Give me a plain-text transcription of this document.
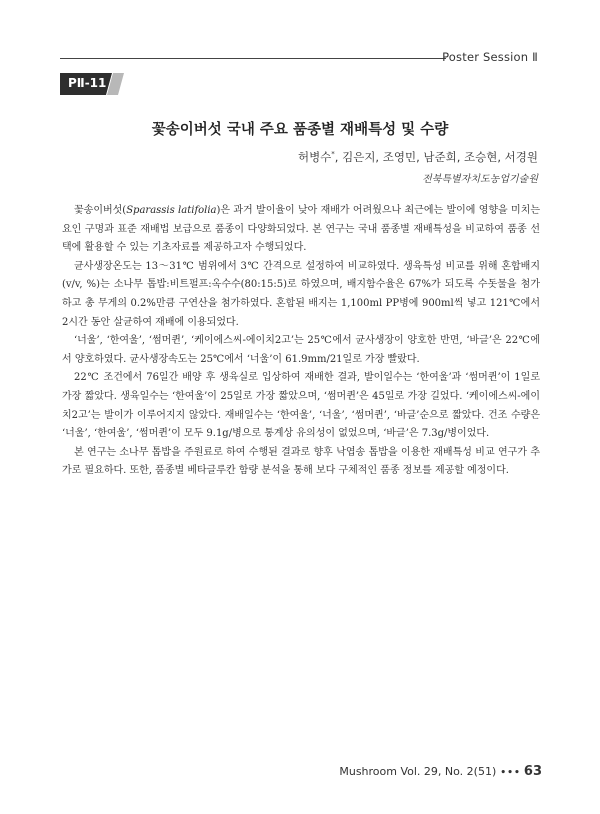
Poster Session Ⅱ
PⅡ-11
꽃송이버섯 국내 주요 품종별 재배특성 및 수량
허병수*, 김은지, 조영민, 남준희, 조승현, 서경원
전북특별자치도농업기술원

꽃송이버섯(Sparassis latifolia)은 과거 발이율이 낮아 재배가 어려웠으나 최근에는 발이에 영향을 미치는 요인 구명과 표준 재배법 보급으로 품종이 다양화되었다. 본 연구는 국내 품종별 재배특성을 비교하여 품종 선택에 활용할 수 있는 기초자료를 제공하고자 수행되었다.

균사생장온도는 13～31℃ 범위에서 3℃ 간격으로 설정하여 비교하였다. 생육특성 비교를 위해 혼합배지(v/v, %)는 소나무 톱밥:비트펄프:옥수수(80:15:5)로 하였으며, 배지함수율은 67%가 되도록 수돗물을 첨가하고 총 무게의 0.2%만큼 구연산을 첨가하였다. 혼합된 배지는 1,100ml PP병에 900ml씩 넣고 121℃에서 2시간 동안 살균하여 재배에 이용되었다.

‘너울’, ‘한여울’, ‘썸머퀸’, ‘케이에스씨-에이치2고’는 25℃에서 균사생장이 양호한 반면, ‘바글’은 22℃에서 양호하였다. 균사생장속도는 25℃에서 ‘너울’이 61.9mm/21일로 가장 빨랐다.

22℃ 조건에서 76일간 배양 후 생육실로 입상하여 재배한 결과, 발이일수는 ‘한여울’과 ‘썸머퀸’이 1일로 가장 짧았다. 생육일수는 ‘한여울’이 25일로 가장 짧았으며, ‘썸머퀸’은 45일로 가장 길었다. ‘케이에스씨-에이치2고’는 발이가 이루어지지 않았다. 재배일수는 ‘한여울’, ‘너울’, ‘썸머퀸’, ‘바글’순으로 짧았다. 건조 수량은 ‘너울’, ‘한여울’, ‘썸머퀸’이 모두 9.1g/병으로 통계상 유의성이 없었으며, ‘바글’은 7.3g/병이었다.

본 연구는 소나무 톱밥을 주원료로 하여 수행된 결과로 향후 낙엽송 톱밥을 이용한 재배특성 비교 연구가 추가로 필요하다. 또한, 품종별 베타글루칸 함량 분석을 통해 보다 구체적인 품종 정보를 제공할 예정이다.

Mushroom Vol. 29, No. 2(51) ∙∙∙ 63
